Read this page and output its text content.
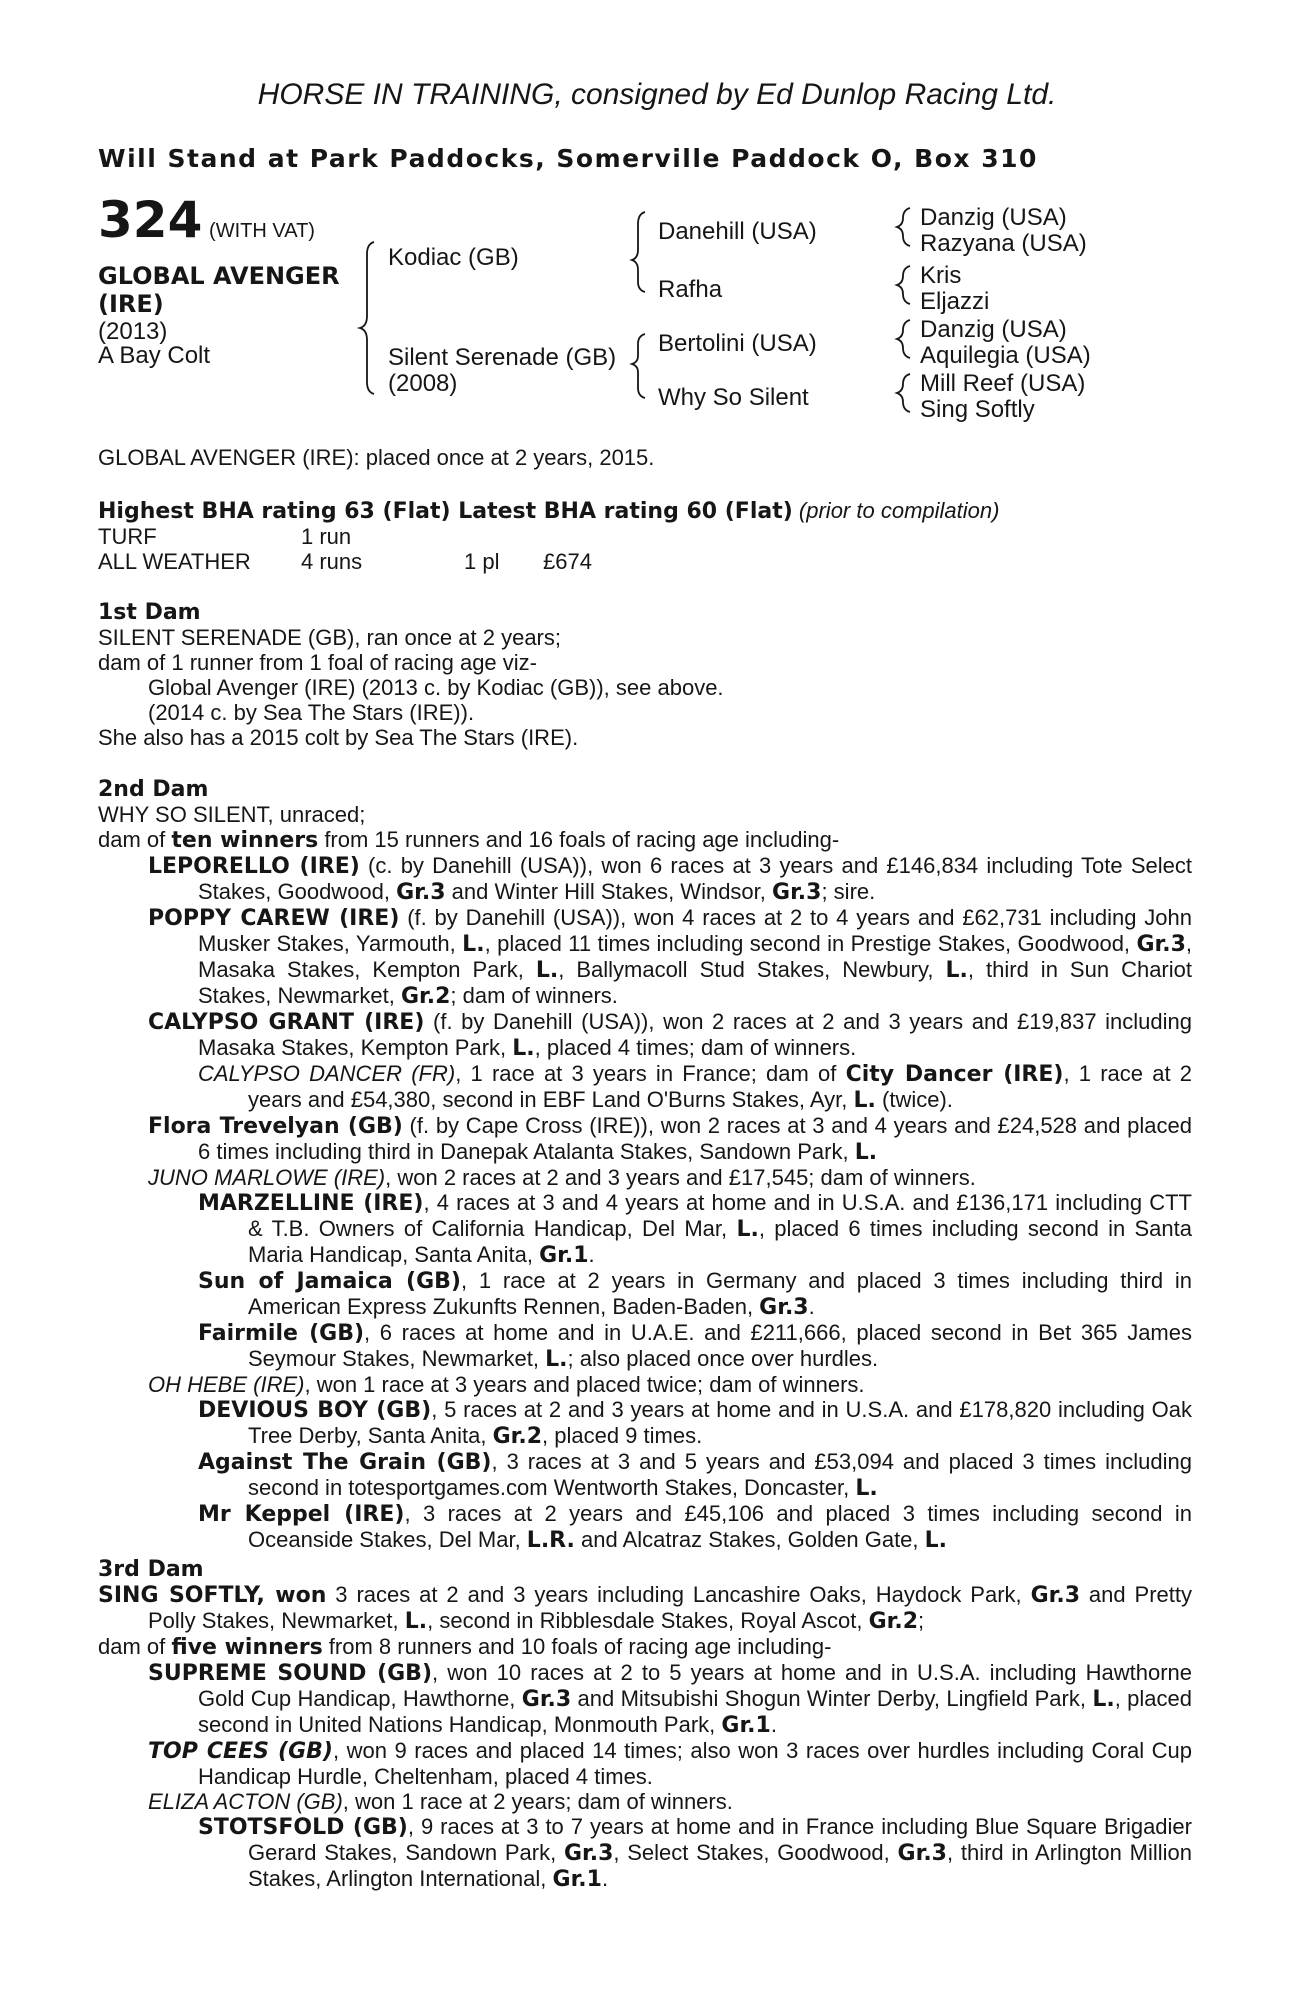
HORSE IN TRAINING, consigned by Ed Dunlop Racing Ltd.
Will Stand at Park Paddocks, Somerville Paddock O, Box 310
324 (WITH VAT)
GLOBAL AVENGER
(IRE)
(2013)
A Bay Colt
Kodiac (GB)
Silent Serenade (GB)
(2008)
Danehill (USA)
Rafha
Bertolini (USA)
Why So Silent
Danzig (USA)
Razyana (USA)
Kris
Eljazzi
Danzig (USA)
Aquilegia (USA)
Mill Reef (USA)
Sing Softly
GLOBAL AVENGER (IRE): placed once at 2 years, 2015.
Highest BHA rating 63 (Flat) Latest BHA rating 60 (Flat) (prior to compilation)
TURF	1 run
ALL WEATHER 4 runs	1 pl £674

1st Dam

SILENT SERENADE (GB), ran once at 2 years;

dam of 1 runner from 1 foal of racing age viz-

Global Avenger (IRE) (2013 c. by Kodiac (GB)), see above.

(2014 c. by Sea The Stars (IRE)).

She also has a 2015 colt by Sea The Stars (IRE).

2nd Dam

WHY SO SILENT, unraced;

dam of ten winners from 15 runners and 16 foals of racing age including-

LEPORELLO (IRE) (c. by Danehill (USA)), won 6 races at 3 years and £146,834 including Tote Select Stakes, Goodwood, Gr.3 and Winter Hill Stakes, Windsor, Gr.3; sire.

POPPY CAREW (IRE) (f. by Danehill (USA)), won 4 races at 2 to 4 years and £62,731 including John Musker Stakes, Yarmouth, L., placed 11 times including second in Prestige Stakes, Goodwood, Gr.3, Masaka Stakes, Kempton Park, L., Ballymacoll Stud Stakes, Newbury, L., third in Sun Chariot Stakes, Newmarket, Gr.2; dam of winners.

CALYPSO GRANT (IRE) (f. by Danehill (USA)), won 2 races at 2 and 3 years and £19,837 including Masaka Stakes, Kempton Park, L., placed 4 times; dam of winners.

CALYPSO DANCER (FR), 1 race at 3 years in France; dam of City Dancer (IRE), 1 race at 2 years and £54,380, second in EBF Land O'Burns Stakes, Ayr, L. (twice).

Flora Trevelyan (GB) (f. by Cape Cross (IRE)), won 2 races at 3 and 4 years and £24,528 and placed 6 times including third in Danepak Atalanta Stakes, Sandown Park, L.

JUNO MARLOWE (IRE), won 2 races at 2 and 3 years and £17,545; dam of winners.

MARZELLINE (IRE), 4 races at 3 and 4 years at home and in U.S.A. and £136,171 including CTT & T.B. Owners of California Handicap, Del Mar, L., placed 6 times including second in Santa Maria Handicap, Santa Anita, Gr.1.

Sun of Jamaica (GB), 1 race at 2 years in Germany and placed 3 times including third in American Express Zukunfts Rennen, Baden-Baden, Gr.3.

Fairmile (GB), 6 races at home and in U.A.E. and £211,666, placed second in Bet 365 James Seymour Stakes, Newmarket, L.; also placed once over hurdles.

OH HEBE (IRE), won 1 race at 3 years and placed twice; dam of winners.

DEVIOUS BOY (GB), 5 races at 2 and 3 years at home and in U.S.A. and £178,820 including Oak Tree Derby, Santa Anita, Gr.2, placed 9 times.

Against The Grain (GB), 3 races at 3 and 5 years and £53,094 and placed 3 times including second in totesportgames.com Wentworth Stakes, Doncaster, L.

Mr Keppel (IRE), 3 races at 2 years and £45,106 and placed 3 times including second in Oceanside Stakes, Del Mar, L.R. and Alcatraz Stakes, Golden Gate, L.

3rd Dam

SING SOFTLY, won 3 races at 2 and 3 years including Lancashire Oaks, Haydock Park, Gr.3 and Pretty Polly Stakes, Newmarket, L., second in Ribblesdale Stakes, Royal Ascot, Gr.2;

dam of five winners from 8 runners and 10 foals of racing age including-

SUPREME SOUND (GB), won 10 races at 2 to 5 years at home and in U.S.A. including Hawthorne Gold Cup Handicap, Hawthorne, Gr.3 and Mitsubishi Shogun Winter Derby, Lingfield Park, L., placed second in United Nations Handicap, Monmouth Park, Gr.1.

TOP CEES (GB), won 9 races and placed 14 times; also won 3 races over hurdles including Coral Cup Handicap Hurdle, Cheltenham, placed 4 times.

ELIZA ACTON (GB), won 1 race at 2 years; dam of winners.

STOTSFOLD (GB), 9 races at 3 to 7 years at home and in France including Blue Square Brigadier Gerard Stakes, Sandown Park, Gr.3, Select Stakes, Goodwood, Gr.3, third in Arlington Million Stakes, Arlington International, Gr.1.
